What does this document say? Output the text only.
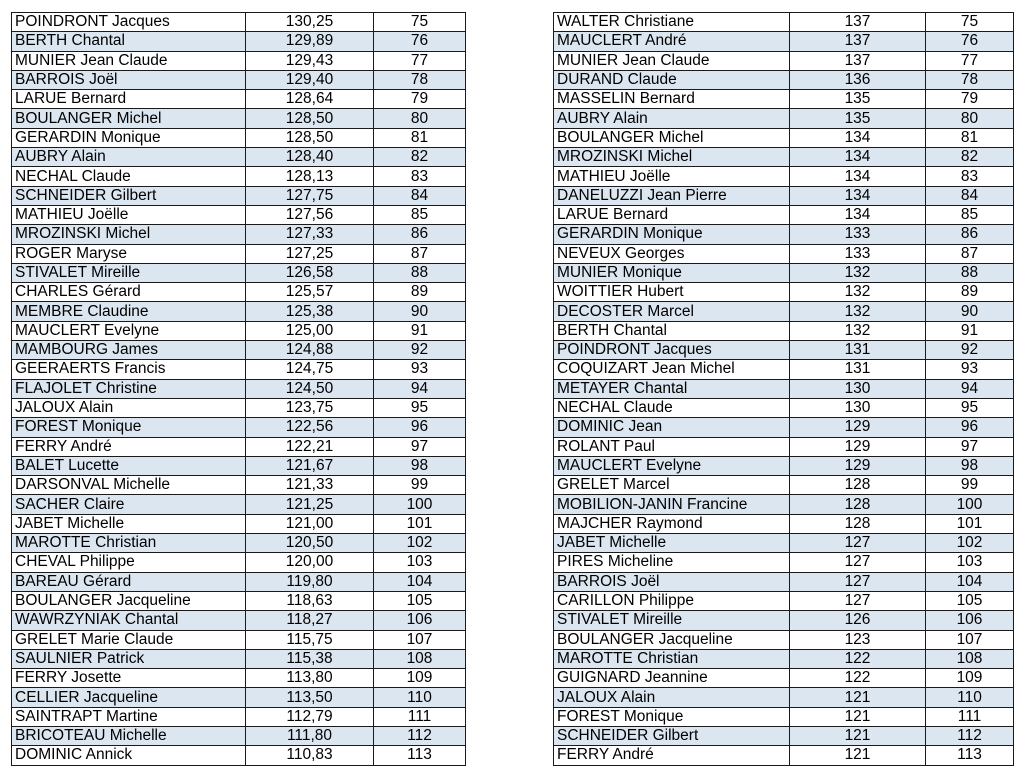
POINDRONT Jacques	130,25	75
BERTH Chantal	129,89	76
MUNIER Jean Claude	129,43	77
BARROIS Joël	129,40	78
LARUE Bernard	128,64	79
BOULANGER Michel	128,50	80
GERARDIN Monique	128,50	81
AUBRY Alain	128,40	82
NECHAL Claude	128,13	83
SCHNEIDER Gilbert	127,75	84
MATHIEU Joëlle	127,56	85
MROZINSKI Michel	127,33	86
ROGER Maryse	127,25	87
STIVALET Mireille	126,58	88
CHARLES Gérard	125,57	89
MEMBRE Claudine	125,38	90
MAUCLERT Evelyne	125,00	91
MAMBOURG James	124,88	92
GEERAERTS Francis	124,75	93
FLAJOLET Christine	124,50	94
JALOUX Alain	123,75	95
FOREST Monique	122,56	96
FERRY André	122,21	97
BALET Lucette	121,67	98
DARSONVAL Michelle	121,33	99
SACHER Claire	121,25	100
JABET Michelle	121,00	101
MAROTTE Christian	120,50	102
CHEVAL Philippe	120,00	103
BAREAU Gérard	119,80	104
BOULANGER Jacqueline	118,63	105
WAWRZYNIAK Chantal	118,27	106
GRELET Marie Claude	115,75	107
SAULNIER Patrick	115,38	108
FERRY Josette	113,80	109
CELLIER Jacqueline	113,50	110
SAINTRAPT Martine	112,79	111
BRICOTEAU Michelle	111,80	112
DOMINIC Annick	110,83	113
WALTER Christiane	137	75
MAUCLERT André	137	76
MUNIER Jean Claude	137	77
DURAND Claude	136	78
MASSELIN Bernard	135	79
AUBRY Alain	135	80
BOULANGER Michel	134	81
MROZINSKI Michel	134	82
MATHIEU Joëlle	134	83
DANELUZZI Jean Pierre	134	84
LARUE Bernard	134	85
GERARDIN Monique	133	86
NEVEUX Georges	133	87
MUNIER Monique	132	88
WOITTIER Hubert	132	89
DECOSTER Marcel	132	90
BERTH Chantal	132	91
POINDRONT Jacques	131	92
COQUIZART Jean Michel	131	93
METAYER Chantal	130	94
NECHAL Claude	130	95
DOMINIC Jean	129	96
ROLANT Paul	129	97
MAUCLERT Evelyne	129	98
GRELET Marcel	128	99
MOBILION-JANIN Francine	128	100
MAJCHER Raymond	128	101
JABET Michelle	127	102
PIRES Micheline	127	103
BARROIS Joël	127	104
CARILLON Philippe	127	105
STIVALET Mireille	126	106
BOULANGER Jacqueline	123	107
MAROTTE Christian	122	108
GUIGNARD Jeannine	122	109
JALOUX Alain	121	110
FOREST Monique	121	111
SCHNEIDER Gilbert	121	112
FERRY André	121	113
